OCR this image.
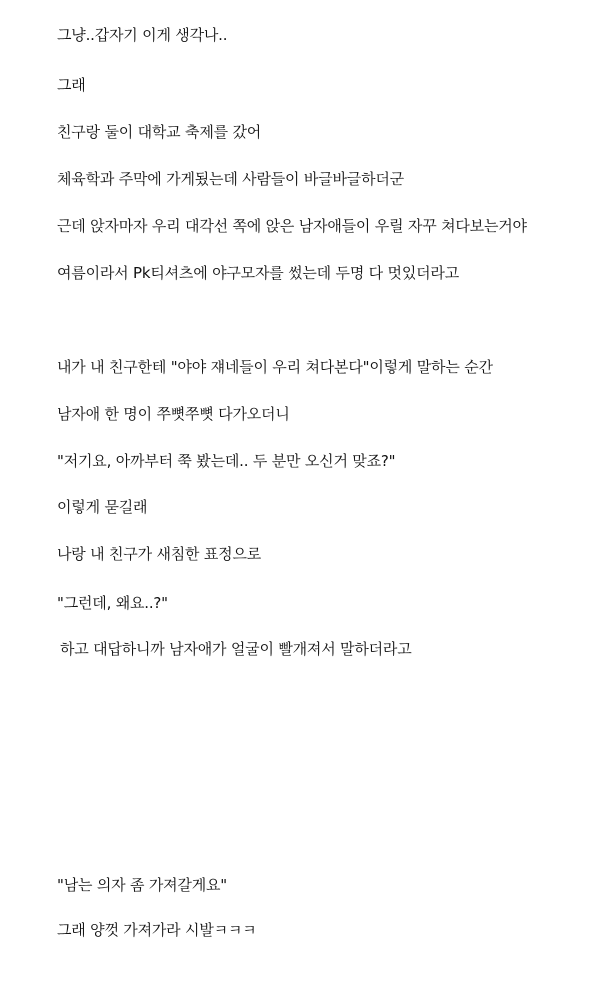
그냥..갑자기 이게 생각나..
그래
친구랑 둘이 대학교 축제를 갔어
체육학과 주막에 가게됬는데 사람들이 바글바글하더군
근데 앉자마자 우리 대각선 쪽에 앉은 남자애들이 우릴 자꾸 쳐다보는거야
여름이라서 Pk티셔츠에 야구모자를 썼는데 두명 다 멋있더라고
내가 내 친구한테 "야야 쟤네들이 우리 쳐다본다"이렇게 말하는 순간
남자애 한 명이 쭈뼛쭈뼛 다가오더니
"저기요, 아까부터 쭉 봤는데.. 두 분만 오신거 맞죠?"
이렇게 묻길래
나랑 내 친구가 새침한 표정으로
"그런데, 왜요..?"
하고 대답하니까 남자애가 얼굴이 빨개져서 말하더라고
"남는 의자 좀 가져갈게요"
그래 양껏 가져가라 시발ㅋㅋㅋ
